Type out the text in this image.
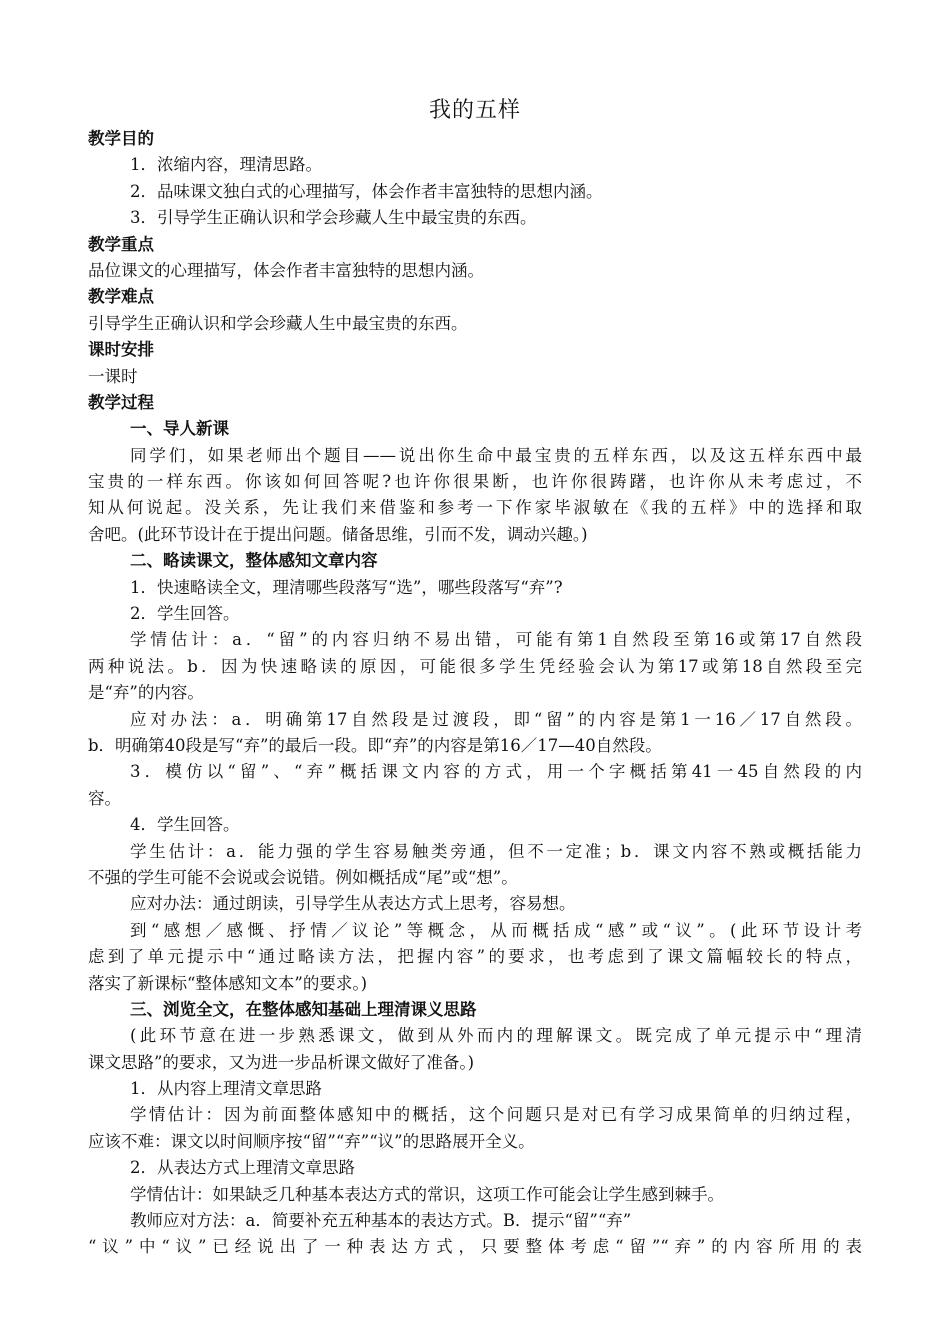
我的五样
教学目的
1．浓缩内容，理清思路。
2．品味课文独白式的心理描写，体会作者丰富独特的思想内涵。
3．引导学生正确认识和学会珍藏人生中最宝贵的东西。
教学重点
品位课文的心理描写，体会作者丰富独特的思想内涵。
教学难点
引导学生正确认识和学会珍藏人生中最宝贵的东西。
课时安排
一课时
教学过程
一、导人新课
同学们，如果老师出个题目——说出你生命中最宝贵的五样东西，以及这五样东西中最
宝贵的一样东西。你该如何回答呢?也许你很果断，也许你很踌躇，也许你从未考虑过，不
知从何说起。没关系，先让我们来借鉴和参考一下作家毕淑敏在《我的五样》中的选择和取
舍吧。(此环节设计在于提出问题。储备思维，引而不发，调动兴趣。)
二、略读课文，整体感知文章内容
1．快速略读全文，理清哪些段落写“选”，哪些段落写“弃”?
2．学生回答。
学情估计：a．“留”的内容归纳不易出错，可能有第1自然段至第16或第17自然段
两种说法。b．因为快速略读的原因，可能很多学生凭经验会认为第17或第18自然段至完
是“弃”的内容。
应对办法：a．明确第17自然段是过渡段，即“留”的内容是第1一16／17自然段。
b．明确第40段是写“弃”的最后一段。即“弃”的内容是第16／17—40自然段。
3．模仿以“留”、“弃”概括课文内容的方式，用一个字概括第41一45自然段的内
容。
4．学生回答。
学生估计：a．能力强的学生容易触类旁通，但不一定准；b．课文内容不熟或概括能力
不强的学生可能不会说或会说错。例如概括成“尾”或“想”。
应对办法：通过朗读，引导学生从表达方式上思考，容易想。
到“感想／感慨、抒情／议论”等概念，从而概括成“感”或“议”。(此环节设计考
虑到了单元提示中“通过略读方法，把握内容”的要求，也考虑到了课文篇幅较长的特点，
落实了新课标“整体感知文本”的要求。)
三、浏览全文，在整体感知基础上理清课义思路
(此环节意在进一步熟悉课文，做到从外而内的理解课文。既完成了单元提示中“理清
课文思路”的要求，又为进一步品析课文做好了准备。)
1．从内容上理清文章思路
学情估计：因为前面整体感知中的概括，这个问题只是对已有学习成果简单的归纳过程，
应该不难：课文以时间顺序按“留”“弃”“议”的思路展开全义。
2．从表达方式上理清文章思路
学情估计：如果缺乏几种基本表达方式的常识，这项工作可能会让学生感到棘手。
教师应对方法：a．简要补充五种基本的表达方式。B．提示“留”“弃”
“议”中“议”已经说出了一种表达方式，只要整体考虑“留”“弃”的内容所用的表
